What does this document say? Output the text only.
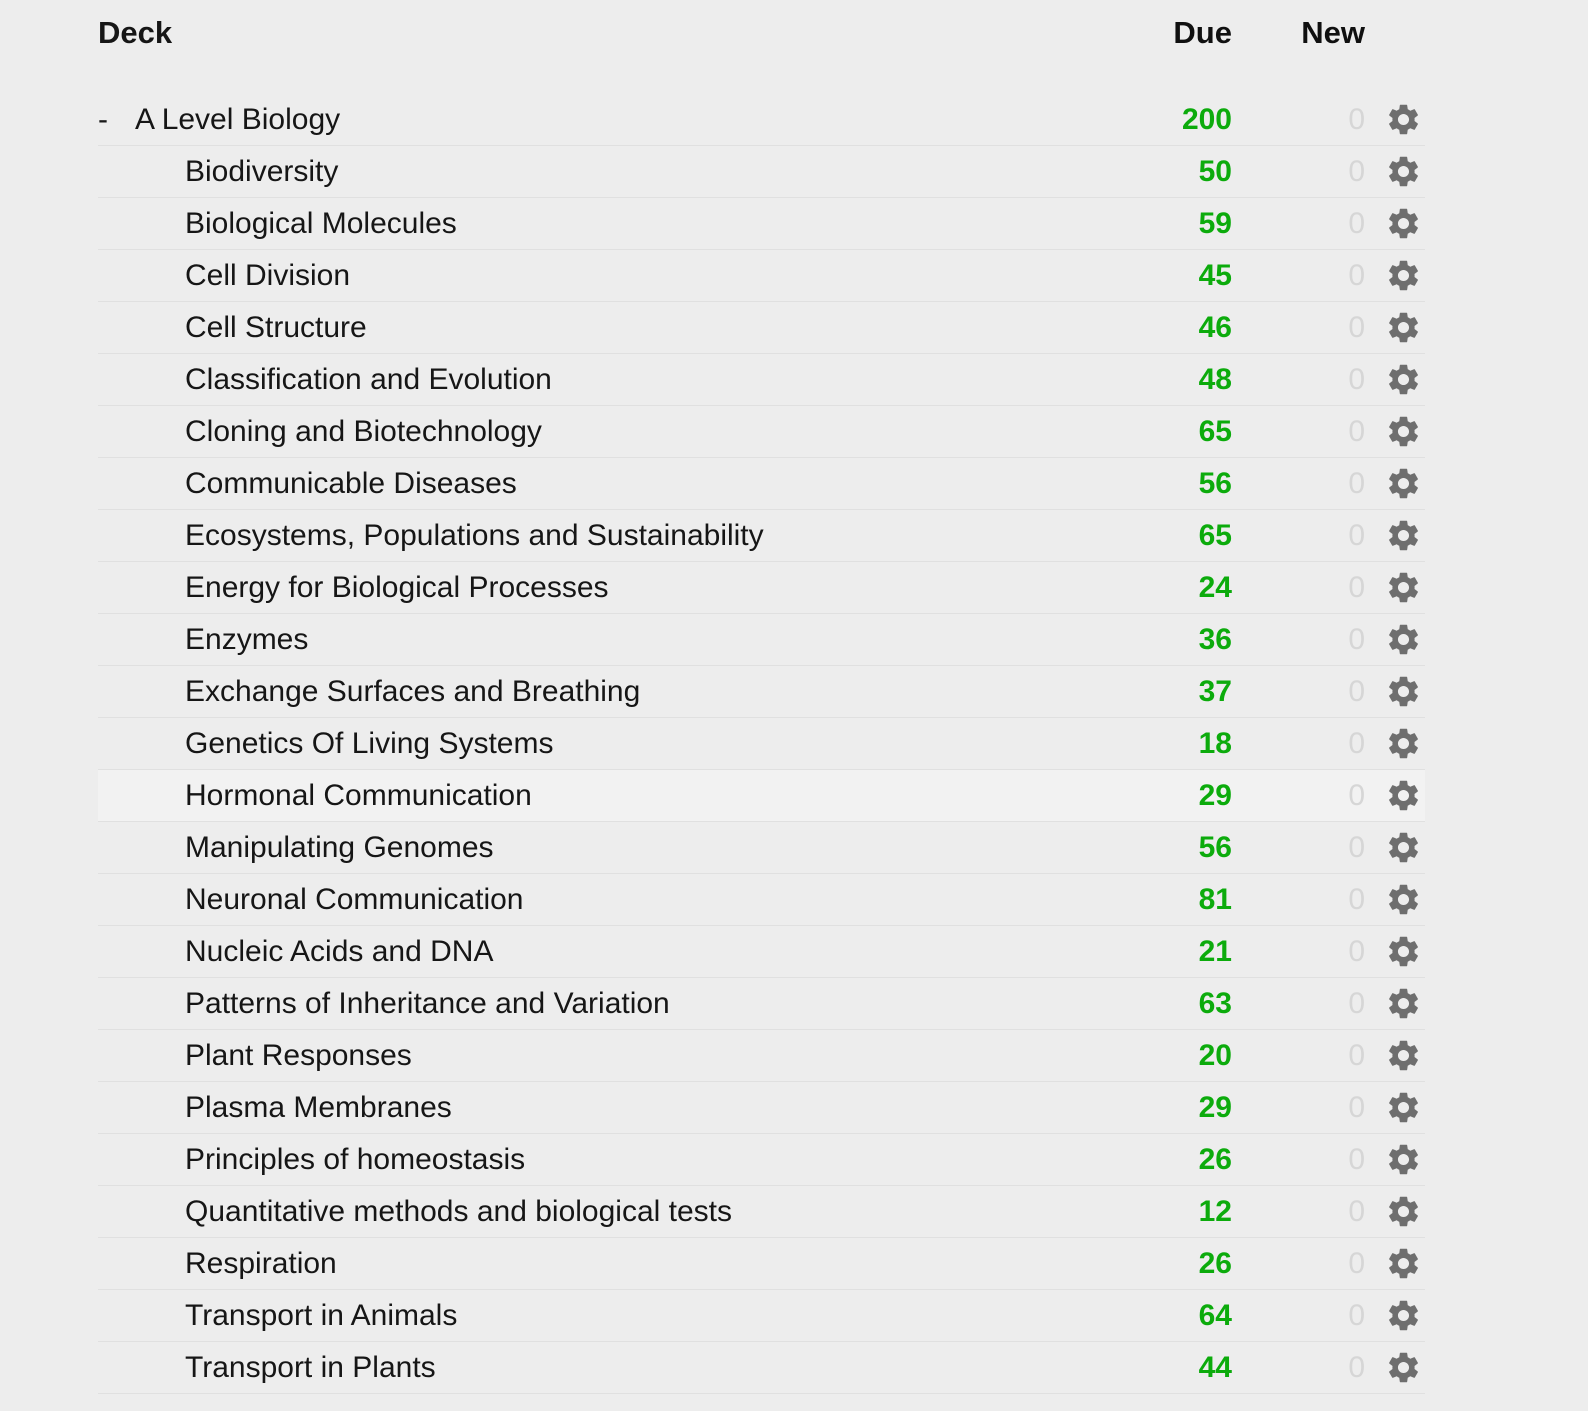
Deck	Due	New
- A Level Biology	200	0
Biodiversity	50	0
Biological Molecules	59	0
Cell Division	45	0
Cell Structure	46	0
Classification and Evolution	48	0
Cloning and Biotechnology	65	0
Communicable Diseases	56	0
Ecosystems, Populations and Sustainability	65	0
Energy for Biological Processes	24	0
Enzymes	36	0
Exchange Surfaces and Breathing	37	0
Genetics Of Living Systems	18	0
Hormonal Communication	29	0
Manipulating Genomes	56	0
Neuronal Communication	81	0
Nucleic Acids and DNA	21	0
Patterns of Inheritance and Variation	63	0
Plant Responses	20	0
Plasma Membranes	29	0
Principles of homeostasis	26	0
Quantitative methods and biological tests	12	0
Respiration	26	0
Transport in Animals	64	0
Transport in Plants	44	0
